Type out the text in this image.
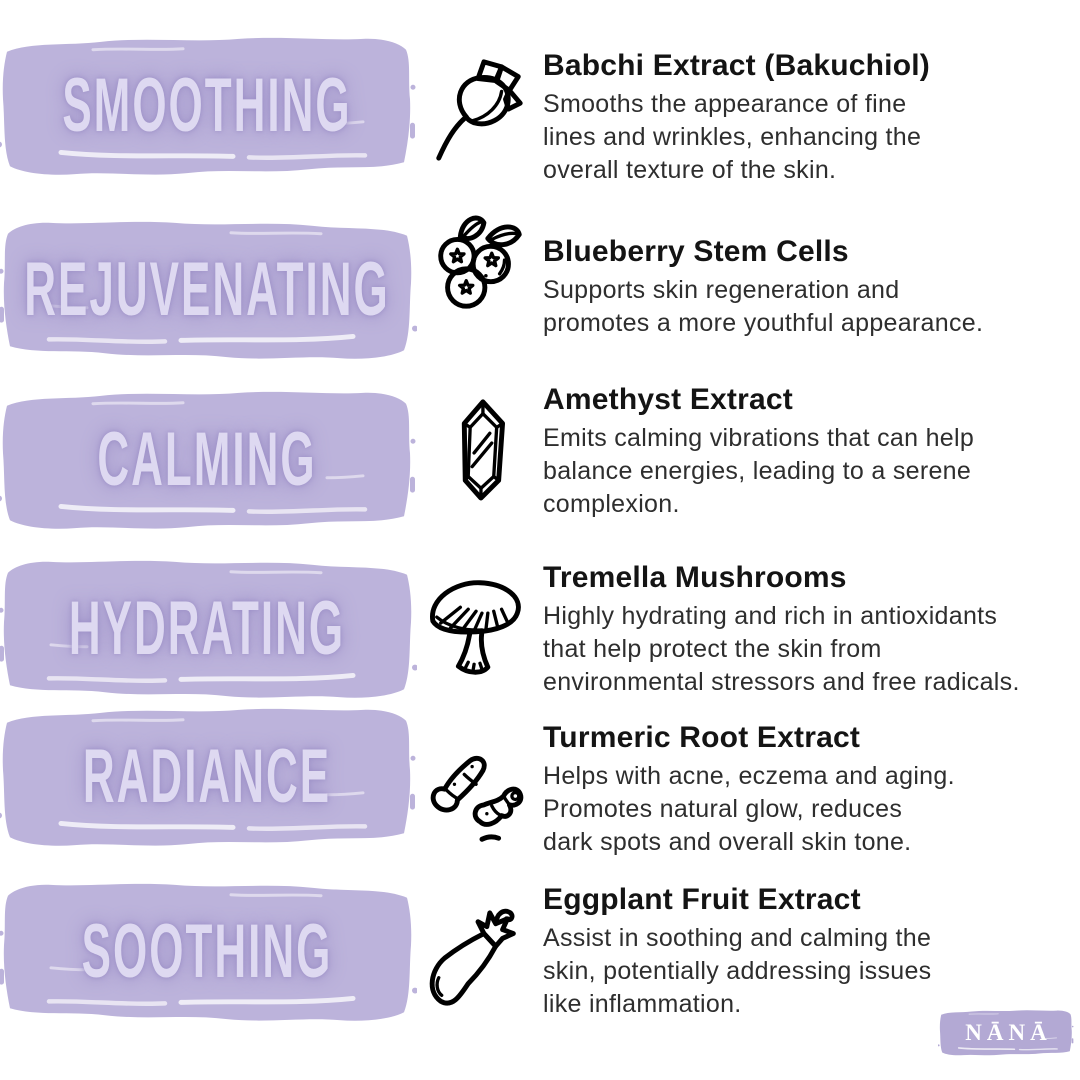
SMOOTHING
REJUVENATING
CALMING
HYDRATING
RADIANCE
SOOTHING
Babchi Extract (Bakuchiol)
Smooths the appearance of fine
lines and wrinkles, enhancing the
overall texture of the skin.
Blueberry Stem Cells
Supports skin regeneration and
promotes a more youthful appearance.
Amethyst Extract
Emits calming vibrations that can help
balance energies, leading to a serene
complexion.
Tremella Mushrooms
Highly hydrating and rich in antioxidants
that help protect the skin from
environmental stressors and free radicals.
Turmeric Root Extract
Helps with acne, eczema and aging.
Promotes natural glow, reduces
dark spots and overall skin tone.
Eggplant Fruit Extract
Assist in soothing and calming the
skin, potentially addressing issues
like inflammation.
NĀNĀ
